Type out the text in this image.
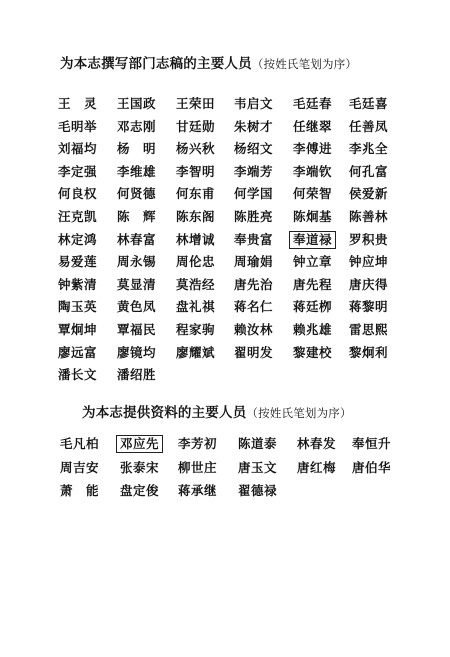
为本志撰写部门志稿的主要人员（按姓氏笔划为序）
王　灵 王国政 王荣田 韦启文 毛廷春 毛廷喜
毛明举 邓志刚 甘廷勋 朱树才 任继翠 任善凤
刘福均 杨　明 杨兴秋 杨绍文 李傅进 李兆全
李定强 李维雄 李智明 李端芳 李端钦 何孔富
何良权 何贤德 何东甫 何学国 何荣智 侯爱新
汪克凯 陈　辉 陈东阁 陈胜亮 陈炯基 陈善林
林定鸿 林春富 林增诚 奉贵富	奉道禄	罗积贵
易爱莲 周永锡 周伦忠 周瑜娟 钟立章 钟应坤
钟紫清 莫显清 莫浩经 唐先治 唐先程 唐庆得
陶玉英 黄色凤 盘礼祺 蒋名仁 蒋廷栁 蒋黎明
覃炯坤 覃福民 程家驹 赖汝林 赖兆雄 雷思熙
廖远富 廖镜均 廖耀斌 翟明发 黎建校 黎炯利
潘长文 潘绍胜
为本志提供资料的主要人员（按姓氏笔划为序）
毛凡柏	邓应先	李芳初 陈道泰 林春发 奉恒升
周吉安 张泰宋 柳世庄 唐玉文 唐红梅 唐伯华
萧　能 盘定俊 蒋承继 翟德禄
